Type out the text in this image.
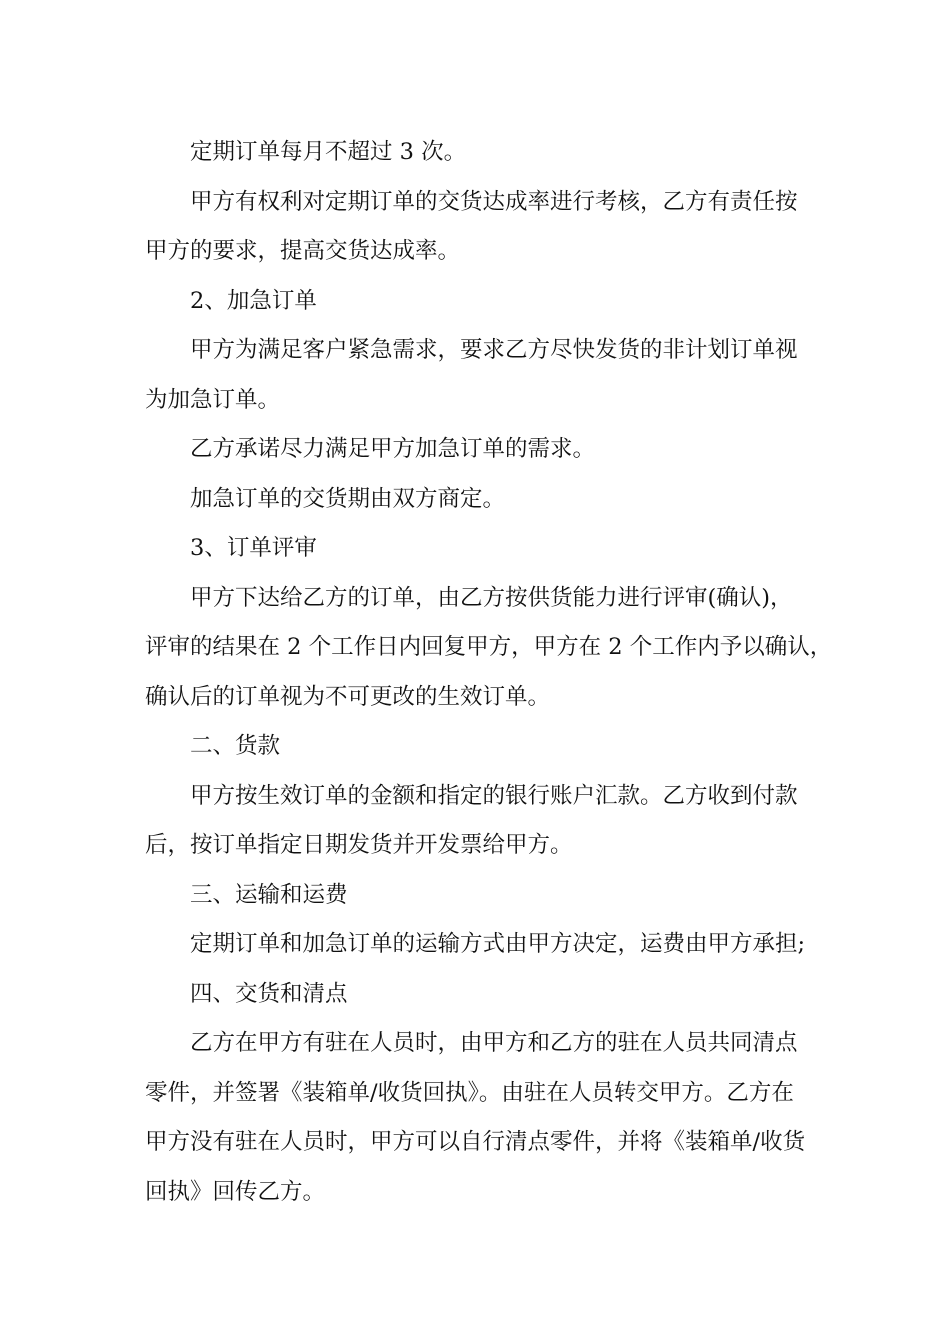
定期订单每月不超过 3 次。
甲方有权利对定期订单的交货达成率进行考核，乙方有责任按
甲方的要求，提高交货达成率。
2、加急订单
甲方为满足客户紧急需求，要求乙方尽快发货的非计划订单视
为加急订单。
乙方承诺尽力满足甲方加急订单的需求。
加急订单的交货期由双方商定。
3、订单评审
甲方下达给乙方的订单，由乙方按供货能力进行评审(确认)，
评审的结果在 2 个工作日内回复甲方，甲方在 2 个工作内予以确认，
确认后的订单视为不可更改的生效订单。
二、货款
甲方按生效订单的金额和指定的银行账户汇款。乙方收到付款
后，按订单指定日期发货并开发票给甲方。
三、运输和运费
定期订单和加急订单的运输方式由甲方决定，运费由甲方承担;
四、交货和清点
乙方在甲方有驻在人员时，由甲方和乙方的驻在人员共同清点
零件，并签署《装箱单/收货回执》。由驻在人员转交甲方。乙方在
甲方没有驻在人员时，甲方可以自行清点零件，并将《装箱单/收货
回执》回传乙方。
